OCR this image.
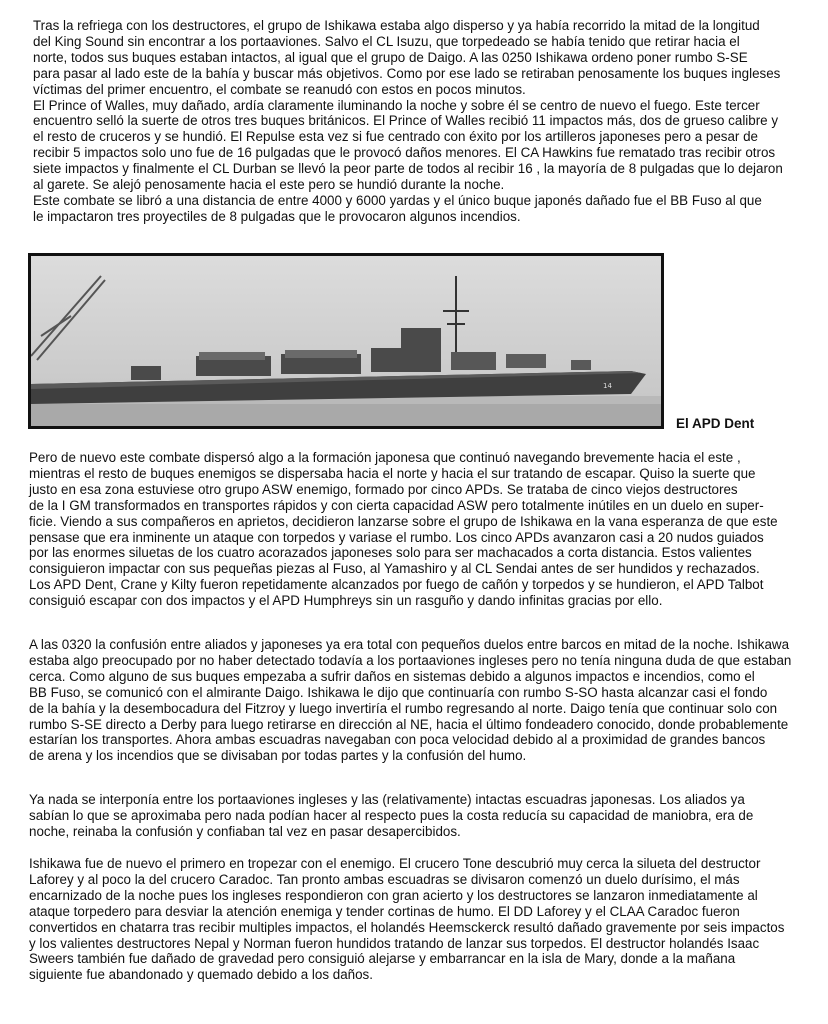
Tras la refriega con los destructores, el grupo de Ishikawa estaba algo disperso y ya había recorrido la mitad de la longitud
del King Sound sin encontrar a los portaaviones. Salvo el CL Isuzu, que torpedeado se había tenido que retirar hacia el
norte, todos sus buques estaban intactos, al igual que el grupo de Daigo. A las 0250 Ishikawa ordeno poner rumbo S-SE
para pasar al lado este de la bahía y buscar más objetivos. Como por ese lado se retiraban penosamente los buques ingleses
víctimas del primer encuentro, el combate se reanudó con estos en pocos minutos.
El Prince of Walles, muy dañado, ardía claramente iluminando la noche y sobre él se centro de nuevo el fuego. Este tercer
encuentro selló la suerte de otros tres buques británicos. El Prince of Walles recibió 11 impactos más, dos de grueso calibre y
el resto de cruceros y se hundió. El Repulse esta vez si fue centrado con éxito por los artilleros japoneses pero a pesar de
recibir 5 impactos solo uno fue de 16 pulgadas que le provocó daños menores. El CA Hawkins fue rematado tras recibir otros
siete impactos y finalmente el CL Durban se llevó la peor parte de todos al recibir 16 , la mayoría de 8 pulgadas que lo dejaron
al garete. Se alejó penosamente hacia el este pero se hundió durante la noche.
Este combate se libró a una distancia de entre 4000 y 6000 yardas y el único buque japonés dañado fue el BB Fuso al que
le impactaron tres proyectiles de 8 pulgadas que le provocaron algunos incendios.

14
El APD Dent

Pero de nuevo este combate dispersó algo a la formación japonesa que continuó navegando brevemente hacia el este ,
mientras el resto de buques enemigos se dispersaba hacia el norte y hacia el sur tratando de escapar. Quiso la suerte que
justo en esa zona estuviese otro grupo ASW enemigo, formado por cinco APDs. Se trataba de cinco viejos destructores
de la I GM transformados en transportes rápidos y con cierta capacidad ASW pero totalmente inútiles en un duelo en super-
ficie. Viendo a sus compañeros en aprietos, decidieron lanzarse sobre el grupo de Ishikawa en la vana esperanza de que este
pensase que era inminente un ataque con torpedos y variase el rumbo. Los cinco APDs avanzaron casi a 20 nudos guiados
por las enormes siluetas de los cuatro acorazados japoneses solo para ser machacados a corta distancia. Estos valientes
consiguieron impactar con sus pequeñas piezas al Fuso, al Yamashiro y al CL Sendai antes de ser hundidos y rechazados.
Los APD Dent, Crane y Kilty fueron repetidamente alcanzados por fuego de cañón y torpedos y se hundieron, el APD Talbot
consiguió escapar con dos impactos y el APD Humphreys sin un rasguño y dando infinitas gracias por ello.

A las 0320 la confusión entre aliados y japoneses ya era total con pequeños duelos entre barcos en mitad de la noche. Ishikawa
estaba algo preocupado por no haber detectado todavía a los portaaviones ingleses pero no tenía ninguna duda de que estaban
cerca. Como alguno de sus buques empezaba a sufrir daños en sistemas debido a algunos impactos e incendios, como el
BB Fuso, se comunicó con el almirante Daigo. Ishikawa le dijo que continuaría con rumbo S-SO hasta alcanzar casi el fondo
de la bahía y la desembocadura del Fitzroy y luego invertiría el rumbo regresando al norte. Daigo tenía que continuar solo con
rumbo S-SE directo a Derby para luego retirarse en dirección al NE, hacia el último fondeadero conocido, donde probablemente
estarían los transportes. Ahora ambas escuadras navegaban con poca velocidad debido al a proximidad de grandes bancos
de arena y los incendios que se divisaban por todas partes y la confusión del humo.

Ya nada se interponía entre los portaaviones ingleses y las (relativamente) intactas escuadras japonesas. Los aliados ya
sabían lo que se aproximaba pero nada podían hacer al respecto pues la costa reducía su capacidad de maniobra, era de
noche, reinaba la confusión y confiaban tal vez en pasar desapercibidos.

Ishikawa fue de nuevo el primero en tropezar con el enemigo. El crucero Tone descubrió muy cerca la silueta del destructor
Laforey y al poco la del crucero Caradoc. Tan pronto ambas escuadras se divisaron comenzó un duelo durísimo, el más
encarnizado de la noche pues los ingleses respondieron con gran acierto y los destructores se lanzaron inmediatamente al
ataque torpedero para desviar la atención enemiga y tender cortinas de humo. El DD Laforey y el CLAA Caradoc fueron
convertidos en chatarra tras recibir multiples impactos, el holandés Heemsckerck resultó dañado gravemente por seis impactos
y los valientes destructores Nepal y Norman fueron hundidos tratando de lanzar sus torpedos. El destructor holandés Isaac
Sweers también fue dañado de gravedad pero consiguió alejarse y embarrancar en la isla de Mary, donde a la mañana
siguiente fue abandonado y quemado debido a los daños.
